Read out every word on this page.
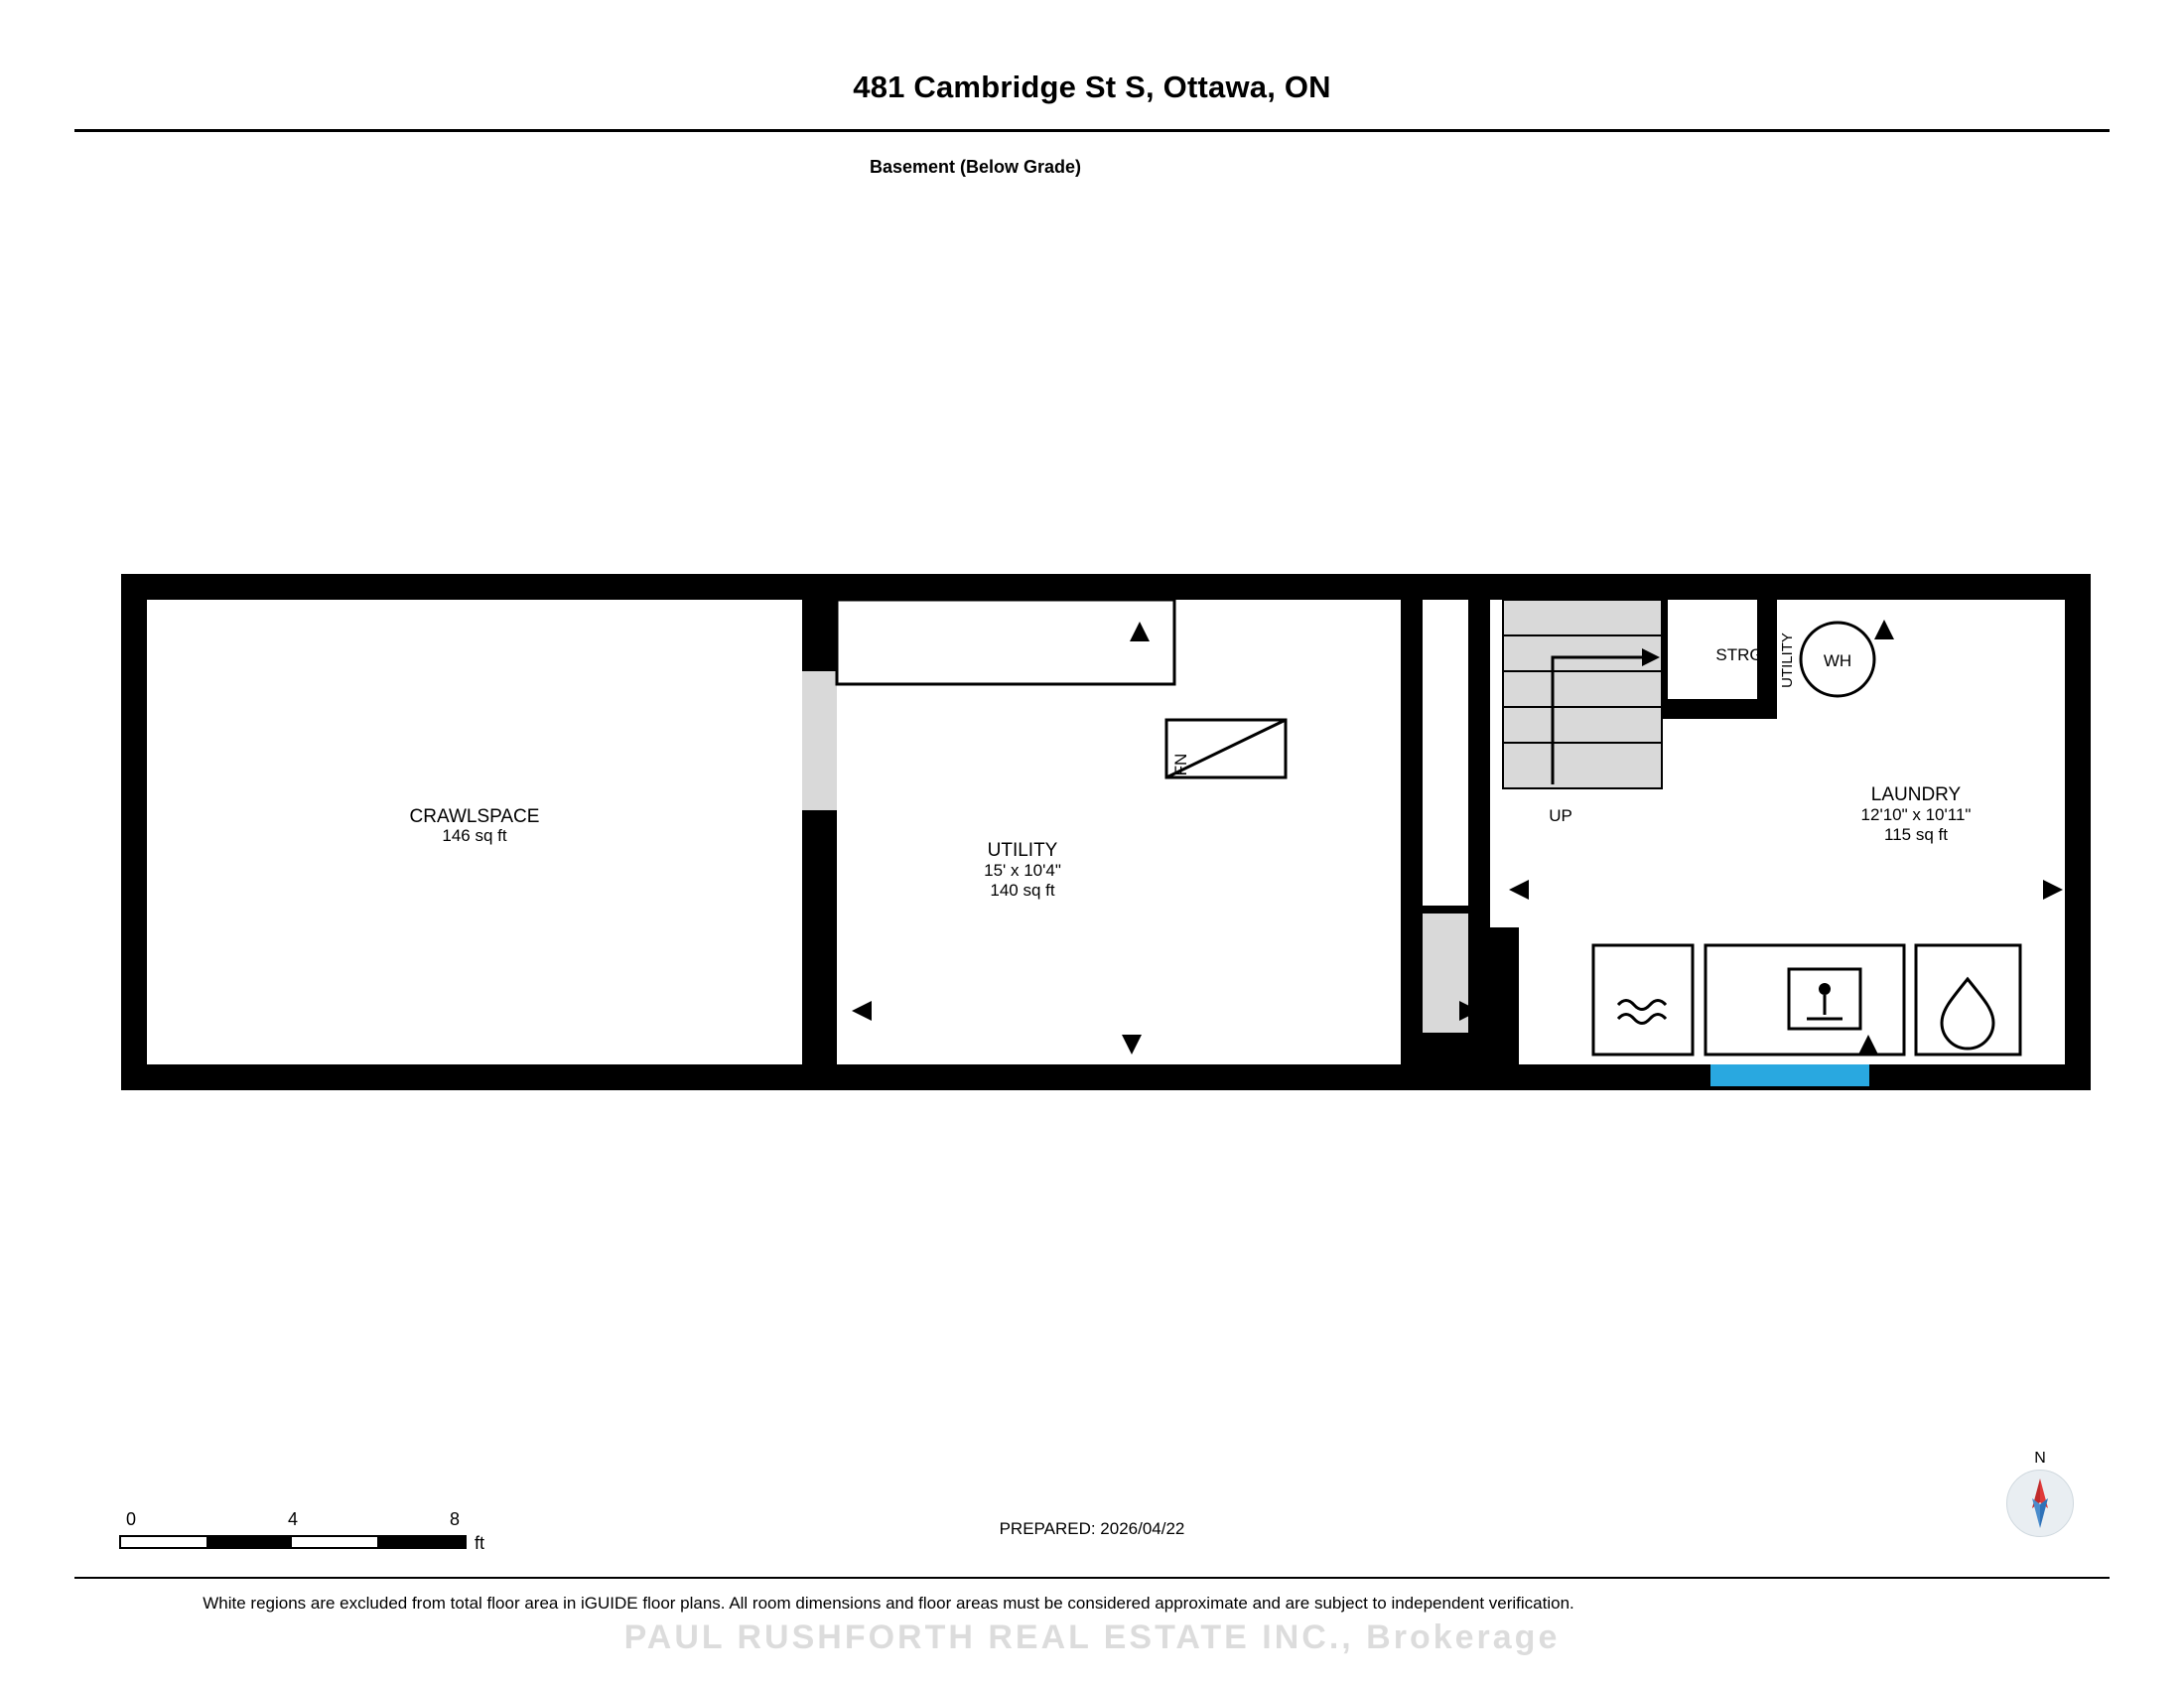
481 Cambridge St S, Ottawa, ON
Basement (Below Grade)
CRAWLSPACE
146 sq ft
FN
UTILITY
15' x 10'4"
140 sq ft
UP
STRG UTILITY WH
LAUNDRY
12'10" x 10'11"
115 sq ft
0	4	8
ft
PREPARED: 2026/04/22
N
White regions are excluded from total floor area in iGUIDE floor plans. All room dimensions and floor areas must be considered approximate and are subject to independent verification.
PAUL RUSHFORTH REAL ESTATE INC., Brokerage
